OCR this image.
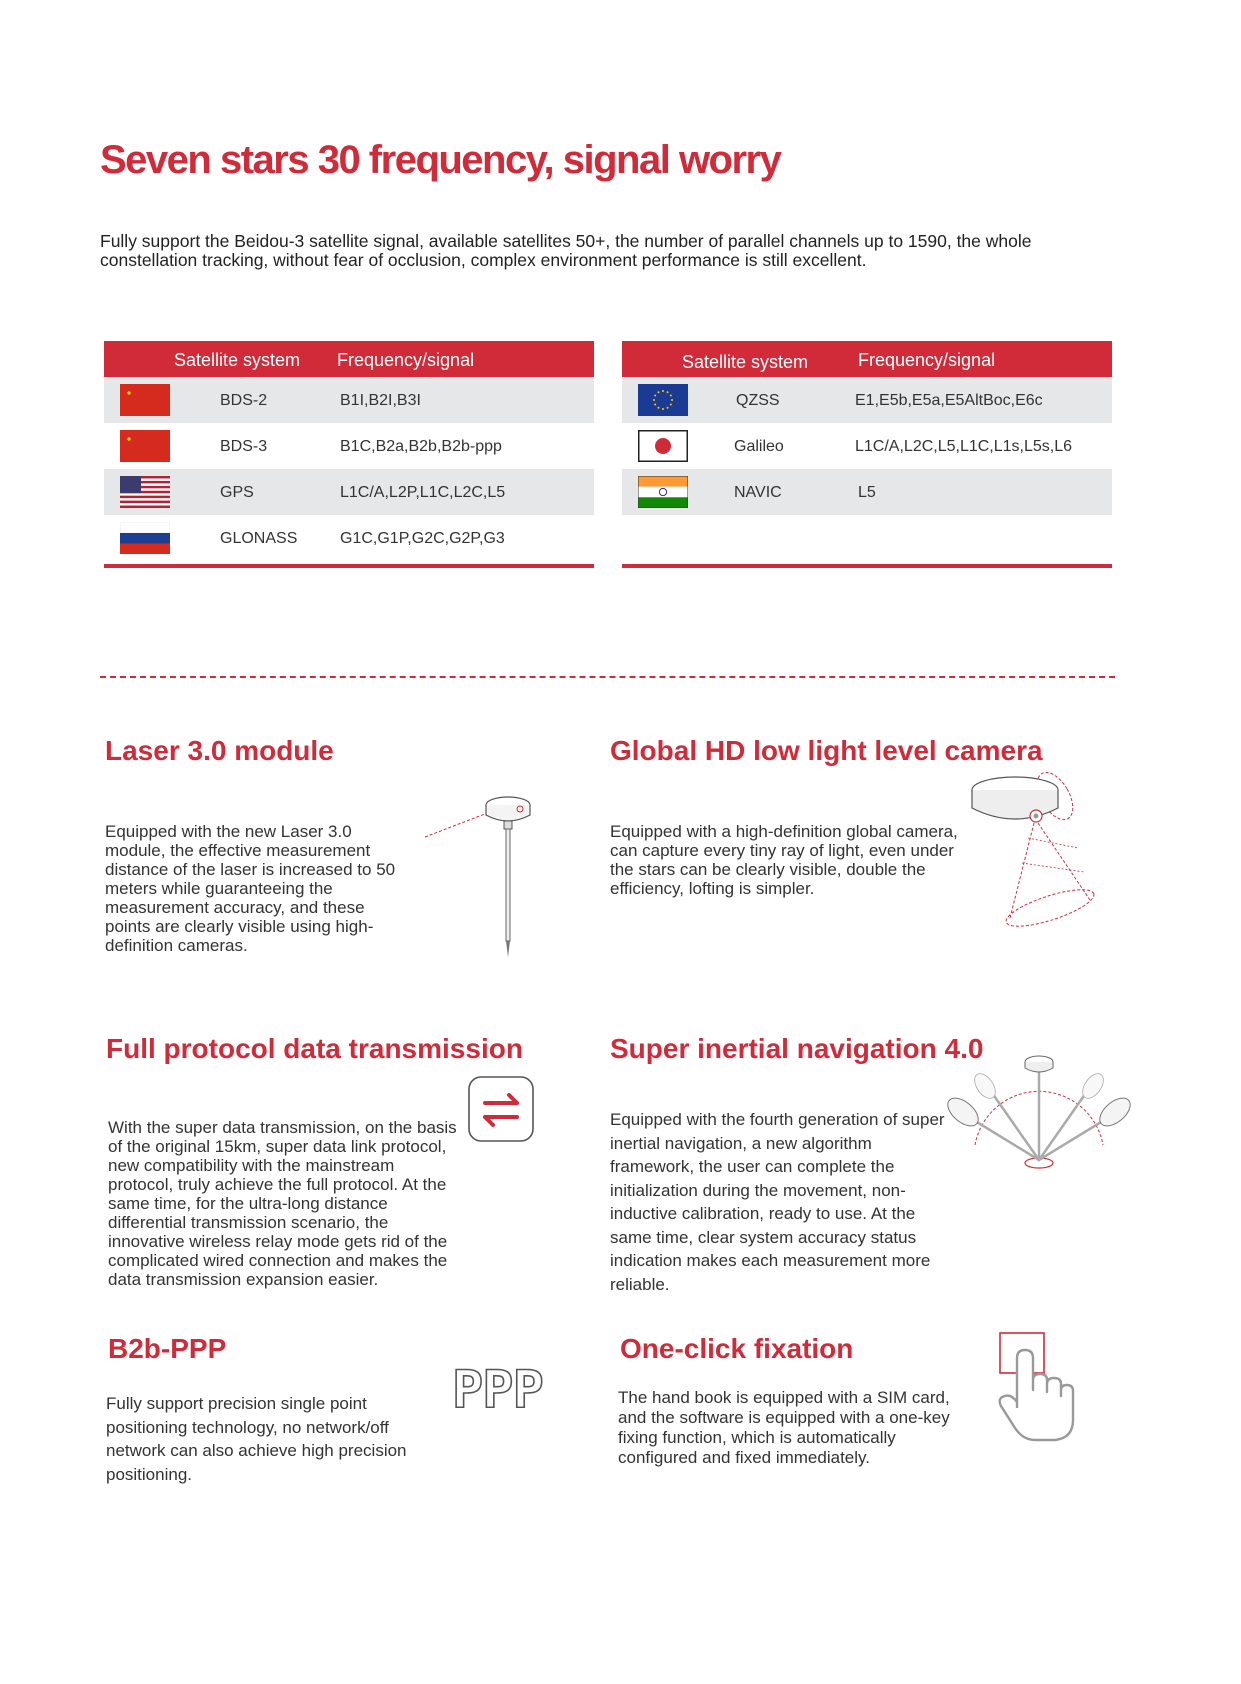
Seven stars 30 frequency, signal worry

Fully support the Beidou-3 satellite signal, available satellites 50+, the number of parallel channels up to 1590, the whole constellation tracking, without fear of occlusion, complex environment performance is still excellent.

Satellite system Frequency/signal
BDS-2	B1I,B2I,B3I
BDS-3	B1C,B2a,B2b,B2b-ppp
GPS	L1C/A,L2P,L1C,L2C,L5
GLONASS	G1C,G1P,G2C,G2P,G3
Satellite system	Frequency/signal
QZSS	E1,E5b,E5a,E5AltBoc,E6c
Galileo	L1C/A,L2C,L5,L1C,L1s,L5s,L6
NAVIC	L5
Laser 3.0 module

Equipped with the new Laser 3.0 module, the effective measurement distance of the laser is increased to 50 meters while guaranteeing the measurement accuracy, and these points are clearly visible using high-definition cameras.

Global HD low light level camera

Equipped with a high-definition global camera, can capture every tiny ray of light, even under the stars can be clearly visible, double the efficiency, lofting is simpler.

Full protocol data transmission

With the super data transmission, on the basis of the original 15km, super data link protocol, new compatibility with the mainstream protocol, truly achieve the full protocol. At the same time, for the ultra-long distance differential transmission scenario, the innovative wireless relay mode gets rid of the complicated wired connection and makes the data transmission expansion easier.

Super inertial navigation 4.0

Equipped with the fourth generation of super inertial navigation, a new algorithm framework, the user can complete the initialization during the movement, non-inductive calibration, ready to use. At the same time, clear system accuracy status indication makes each measurement more reliable.

B2b-PPP

Fully support precision single point positioning technology, no network/off network can also achieve high precision positioning.

PPP
One-click fixation

The hand book is equipped with a SIM card, and the software is equipped with a one-key fixing function, which is automatically configured and fixed immediately.
